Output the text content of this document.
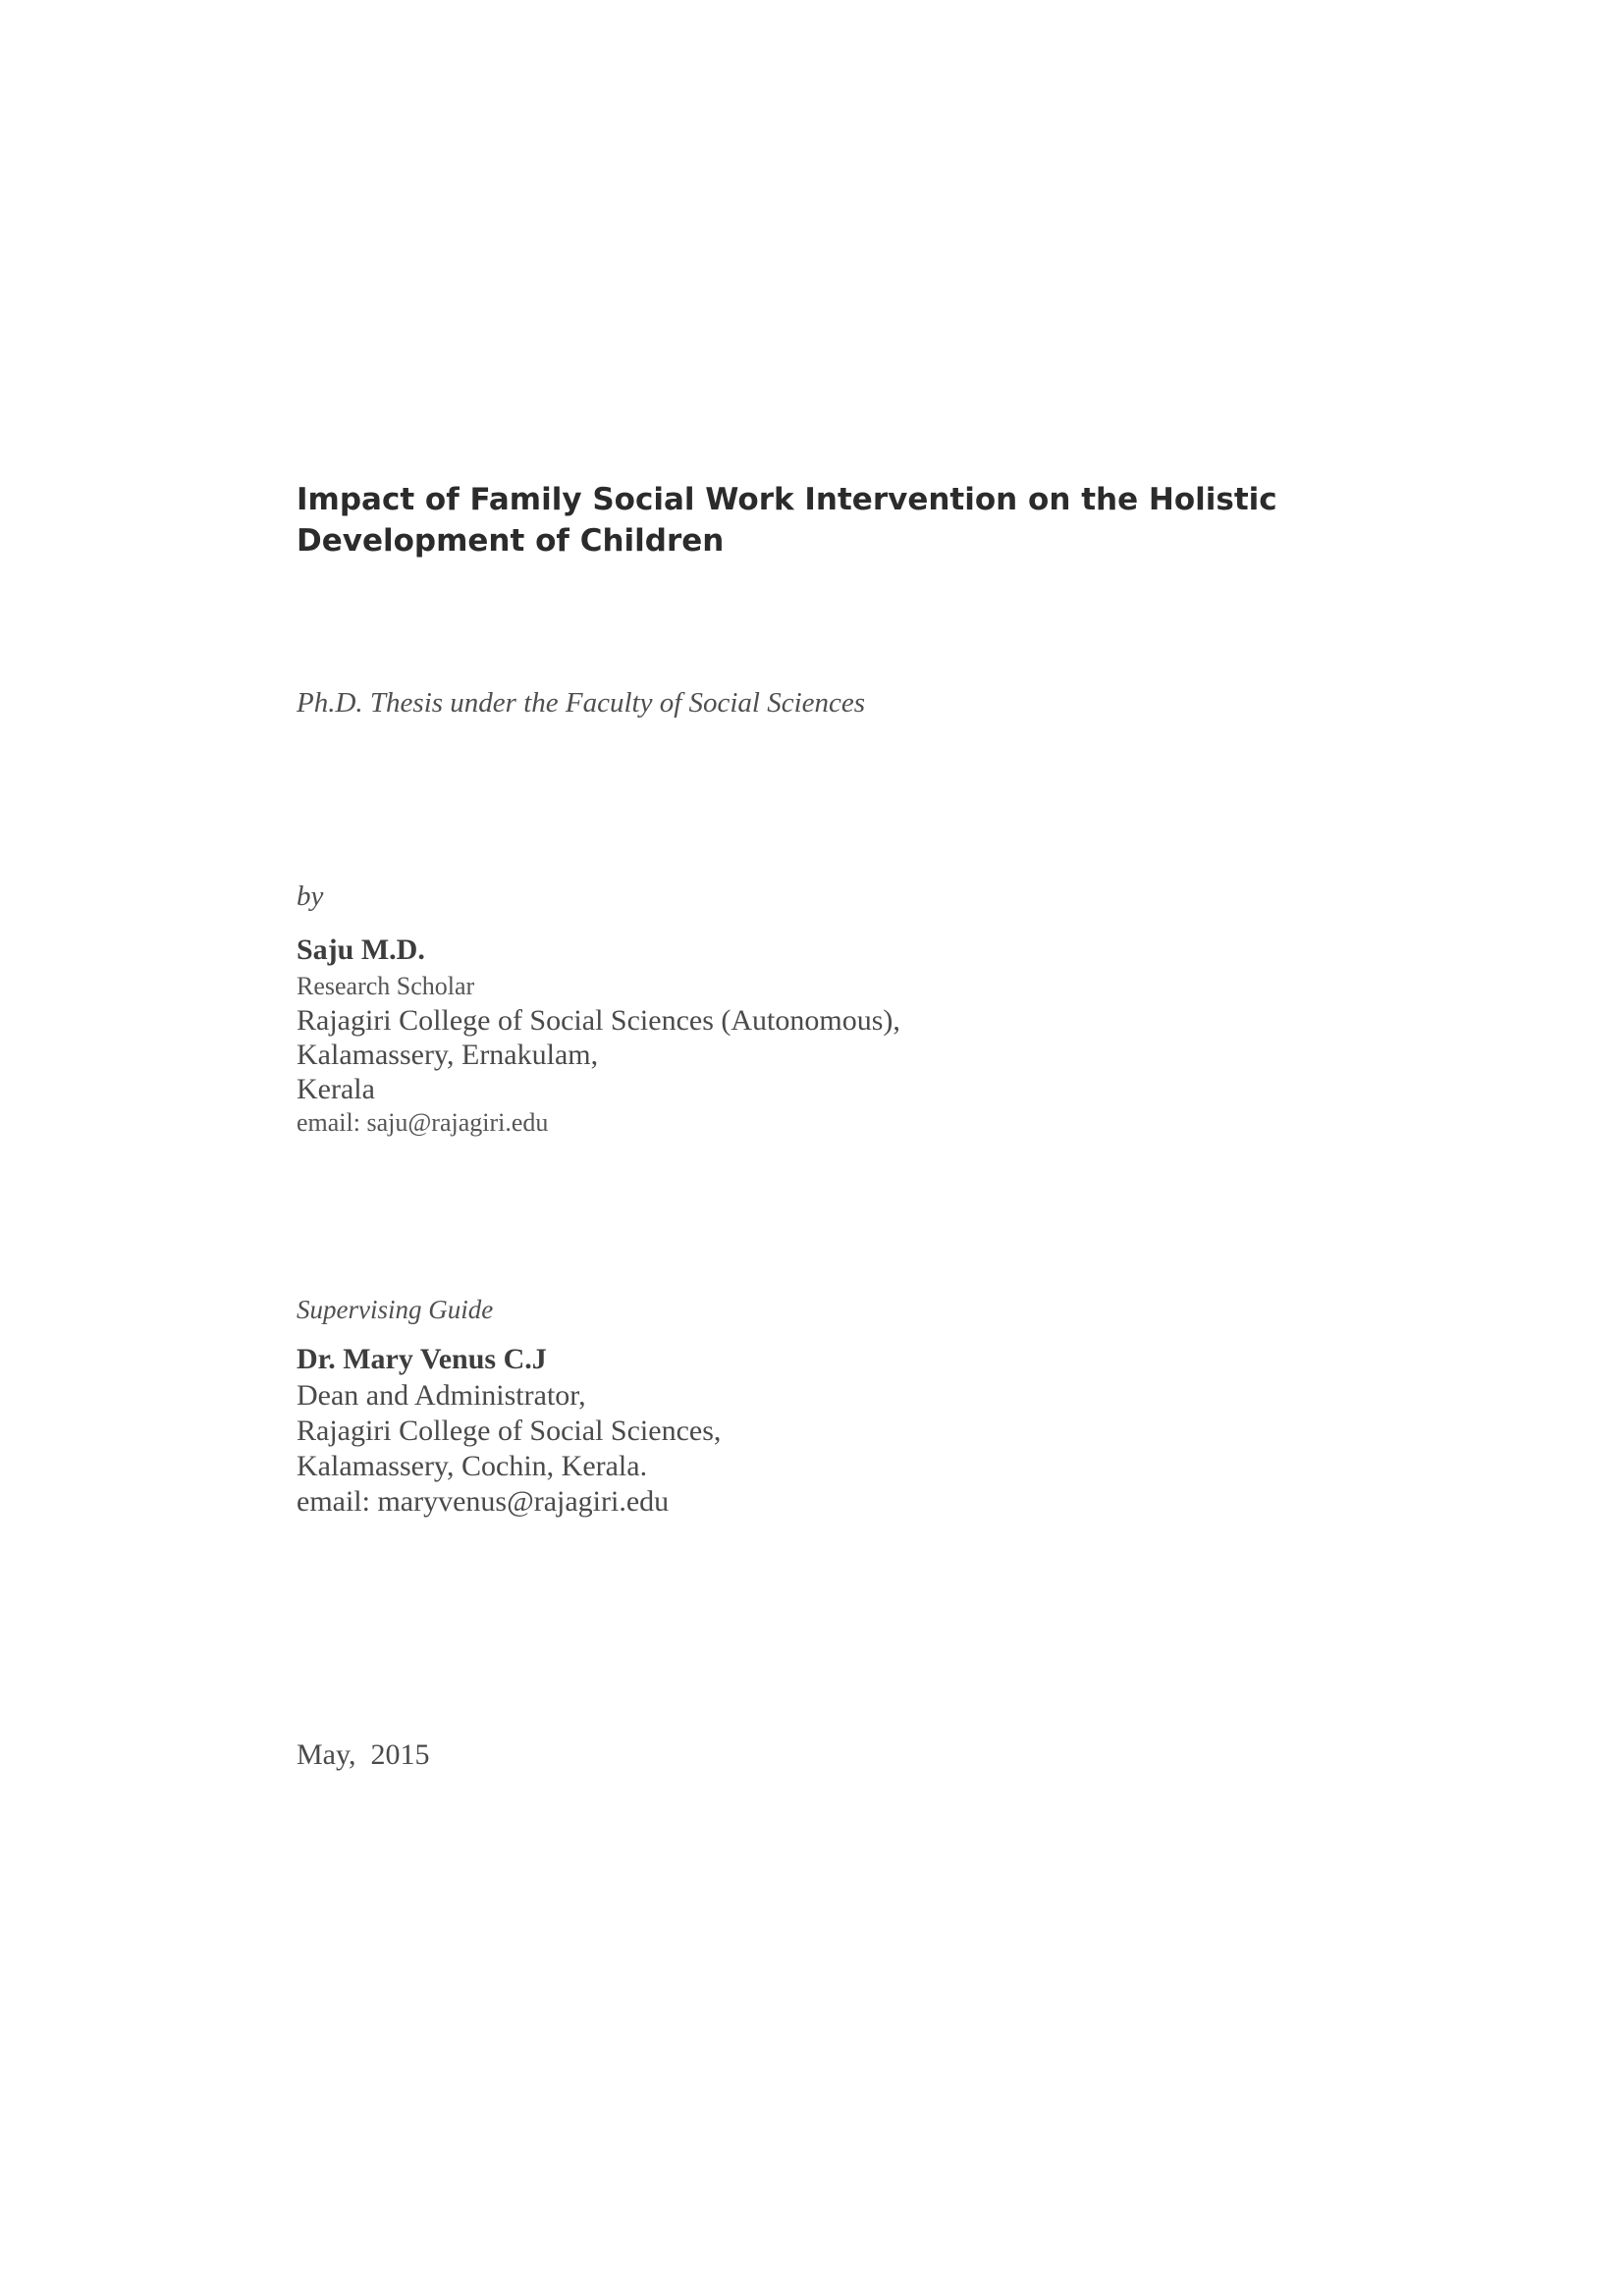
Impact of Family Social Work Intervention on the Holistic
Development of Children
Ph.D. Thesis under the Faculty of Social Sciences
by
Saju M.D.
Research Scholar
Rajagiri College of Social Sciences (Autonomous),
Kalamassery, Ernakulam,
Kerala
email: saju@rajagiri.edu
Supervising Guide
Dr. Mary Venus C.J
Dean and Administrator,
Rajagiri College of Social Sciences,
Kalamassery, Cochin, Kerala.
email: maryvenus@rajagiri.edu
May,  2015
